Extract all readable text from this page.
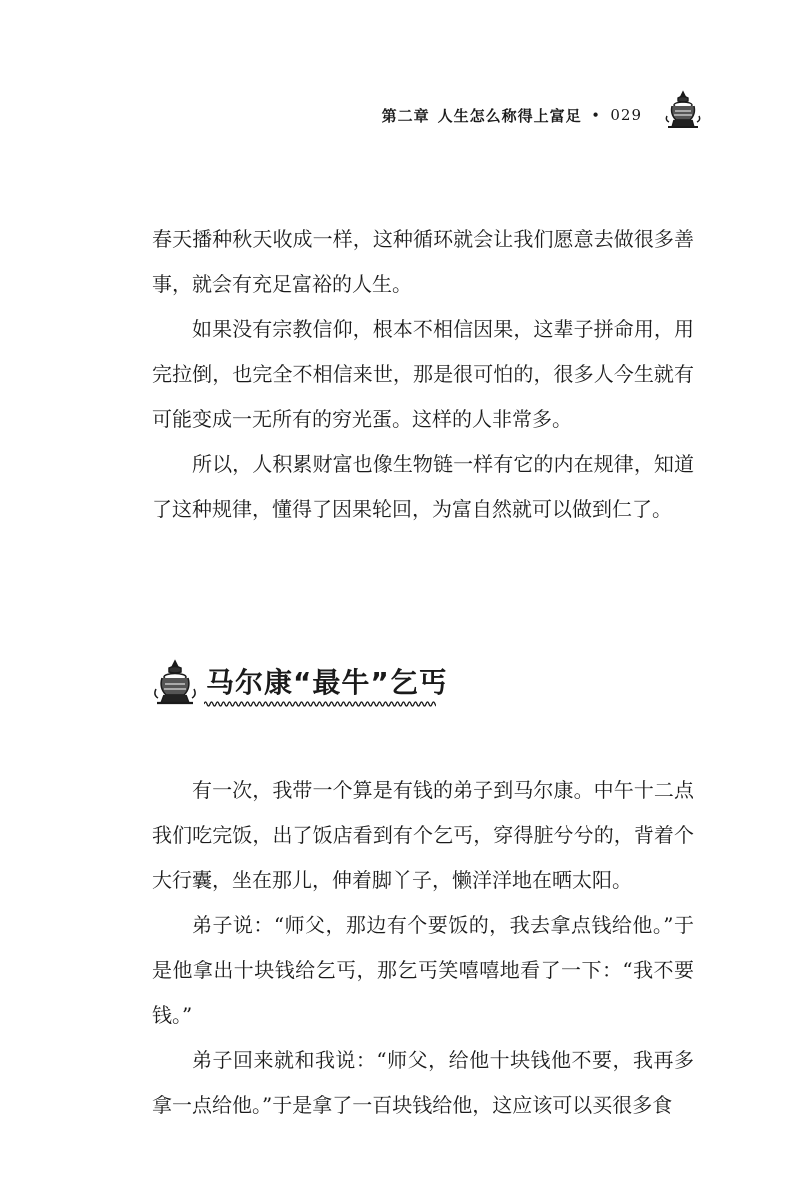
第二章 人生怎么称得上富足 • 029

春天播种秋天收成一样，这种循环就会让我们愿意去做很多善事，就会有充足富裕的人生。

如果没有宗教信仰，根本不相信因果，这辈子拼命用，用完拉倒，也完全不相信来世，那是很可怕的，很多人今生就有可能变成一无所有的穷光蛋。这样的人非常多。

所以，人积累财富也像生物链一样有它的内在规律，知道了这种规律，懂得了因果轮回，为富自然就可以做到仁了。

马尔康“最牛”乞丐

有一次，我带一个算是有钱的弟子到马尔康。中午十二点我们吃完饭，出了饭店看到有个乞丐，穿得脏兮兮的，背着个大行囊，坐在那儿，伸着脚丫子，懒洋洋地在晒太阳。

弟子说：“师父，那边有个要饭的，我去拿点钱给他。”于是他拿出十块钱给乞丐，那乞丐笑嘻嘻地看了一下：“我不要钱。”

弟子回来就和我说：“师父，给他十块钱他不要，我再多拿一点给他。”于是拿了一百块钱给他，这应该可以买很多食
